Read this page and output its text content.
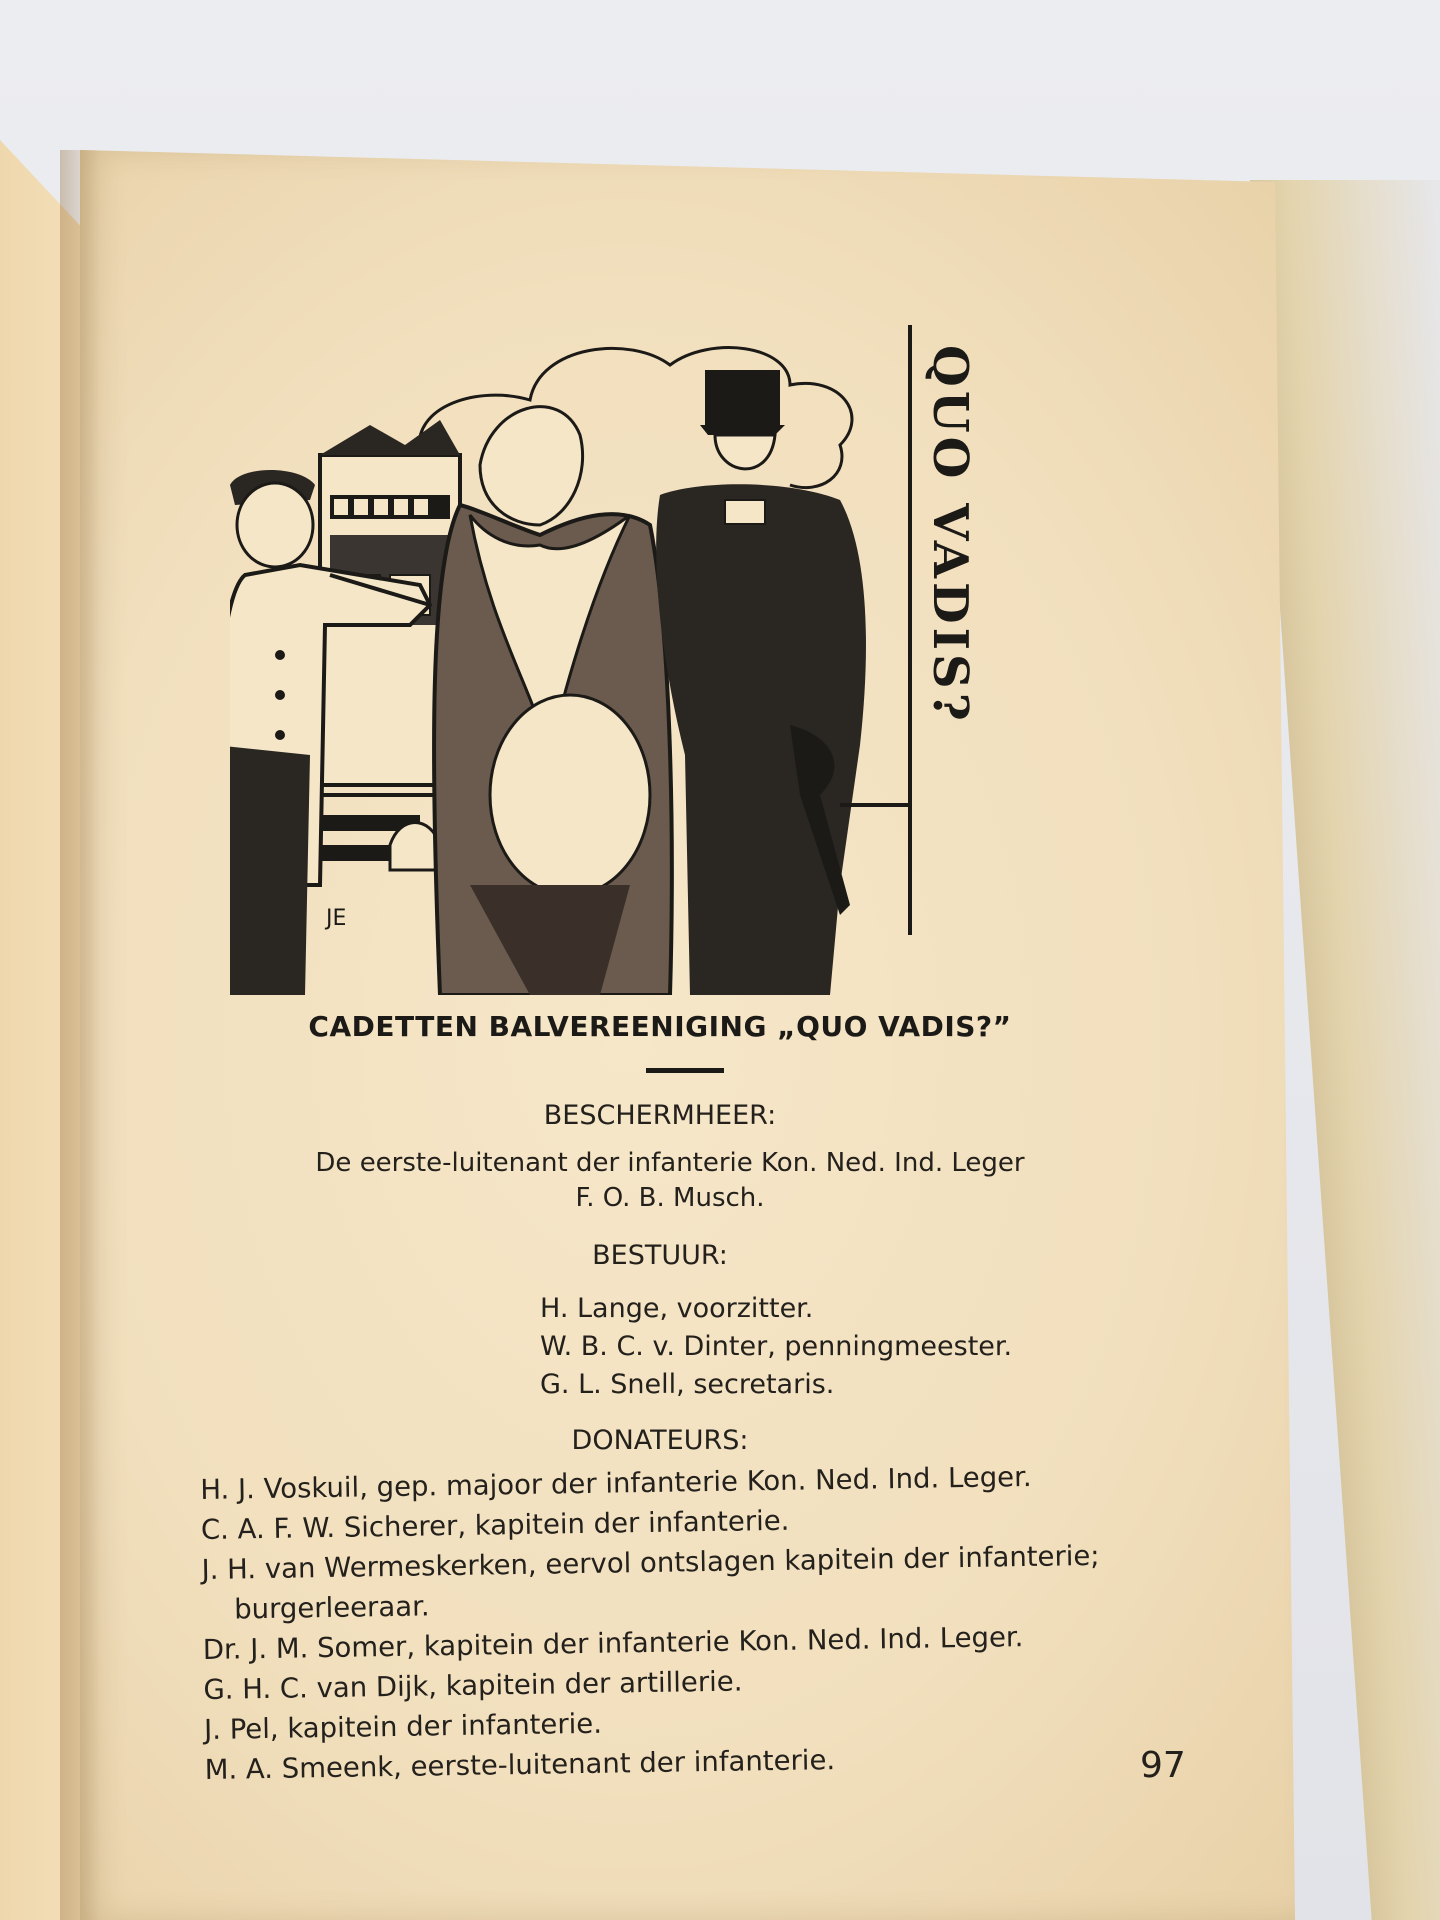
QUO VADIS?
JE
CADETTEN BALVEREENIGING „QUO VADIS?”
BESCHERMHEER:
De eerste-luitenant der infanterie Kon. Ned. Ind. Leger
F. O. B. Musch.
BESTUUR:
H. Lange, voorzitter.
W. B. C. v. Dinter, penningmeester.
G. L. Snell, secretaris.
DONATEURS:
H. J. Voskuil, gep. majoor der infanterie Kon. Ned. Ind. Leger.
C. A. F. W. Sicherer, kapitein der infanterie.
J. H. van Wermeskerken, eervol ontslagen kapitein der infanterie;
burgerleeraar.
Dr. J. M. Somer, kapitein der infanterie Kon. Ned. Ind. Leger.
G. H. C. van Dijk, kapitein der artillerie.
J. Pel, kapitein der infanterie.
M. A. Smeenk, eerste-luitenant der infanterie.	97
